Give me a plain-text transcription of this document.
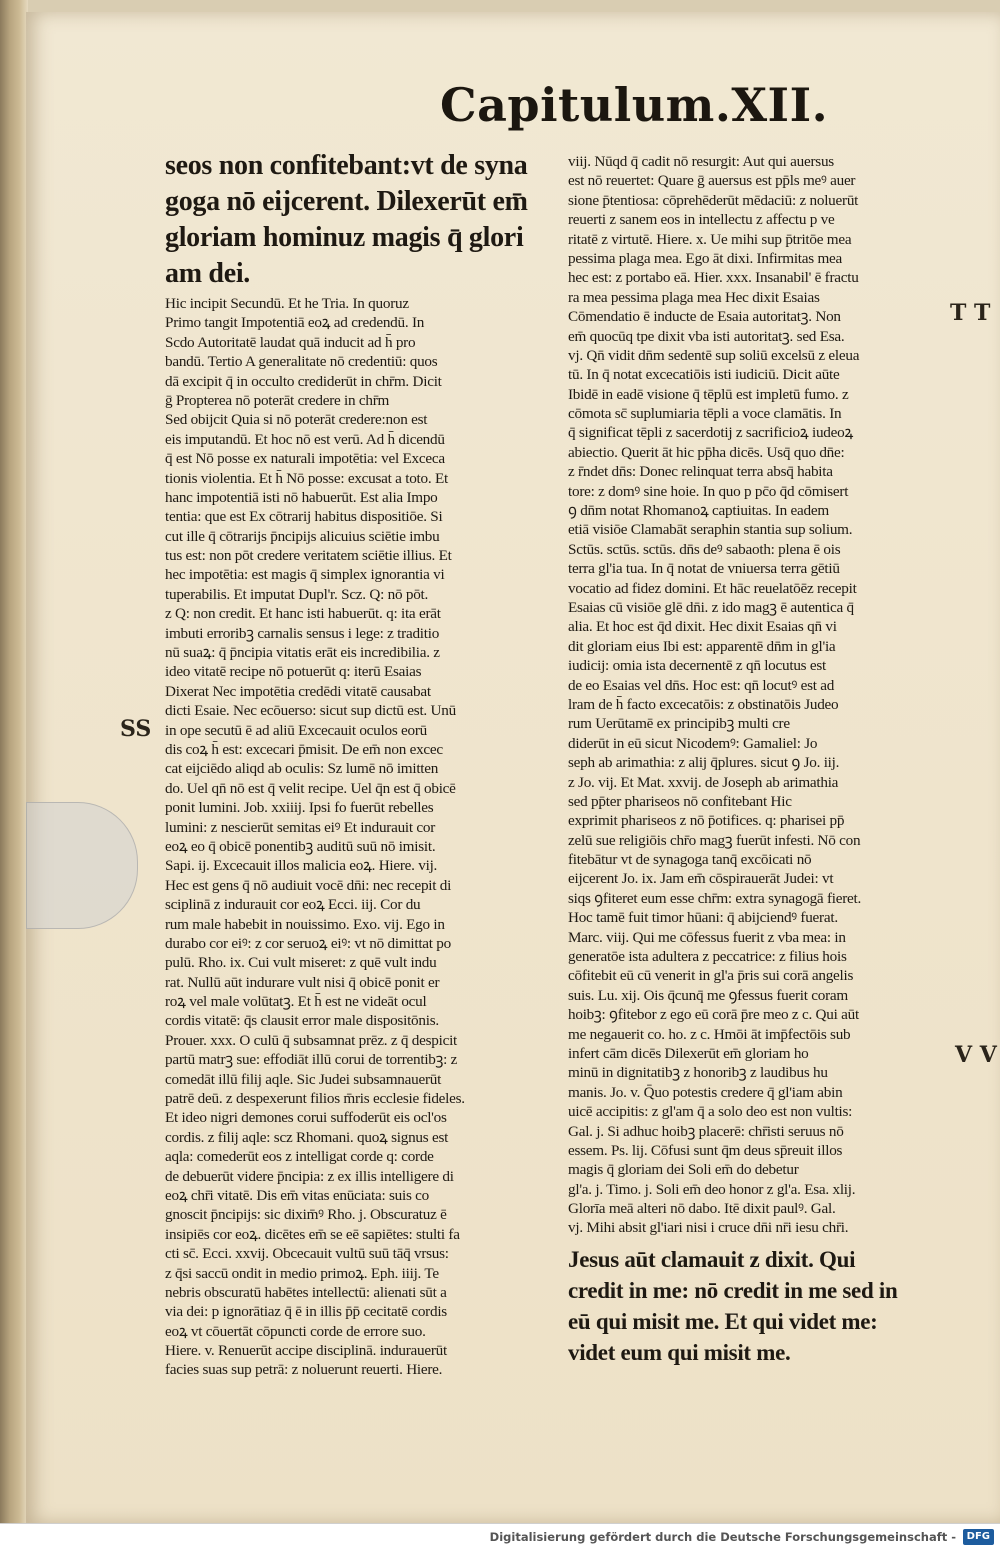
Capitulum.XII.
seos non confitebant:vt de syna
goga nō eijcerent. Dilexerūt em̄
gloriam hominuz magis q̄ glori
am dei.
Hic incipit Secundū. Et he Tria. In quoruz
Primo tangit Impotentiā eoꝝ ad credendū. In
Scdo Autoritatē laudat quā inducit ad h̄ pro
bandū. Tertio A generalitate nō credentiū: quos
dā excipit q̄ in occulto crediderūt in chr̄m. Dicit
ḡ Propterea nō poterāt credere in chr̄m
Sed obijcit Quia si nō poterāt credere:non est
eis imputandū. Et hoc nō est verū. Ad h̄ dicendū
q̄ est Nō posse ex naturali impotētia: vel Exceca
tionis violentia. Et h̄ Nō posse: excusat a toto. Et
hanc impotentiā isti nō habuerūt. Est alia Impo
tentia: que est Ex cōtrarij habitus dispositiōe. Si
cut ille q̄ cōtrarijs p̄ncipijs alicuius sciētie imbu
tus est: non pōt credere veritatem sciētie illius. Et
hec impotētia: est magis q̄ simplex ignorantia vi
tuperabilis. Et imputat Dupl'r. Scz. Q: nō pōt.
z Q: non credit. Et hanc isti habuerūt. q: ita erāt
imbuti erroribꝫ carnalis sensus i lege: z traditio
nū suaꝝ: q̄ p̄ncipia vitatis erāt eis incredibilia. z
ideo vitatē recipe nō potuerūt q: iterū Esaias
Dixerat Nec impotētia credēdi vitatē causabat
dicti Esaie. Nec ecōuerso: sicut sup dictū est. Unū
in ope secutū ē ad aliū Excecauit oculos eorū
dis coꝝ h̄ est: excecari p̄misit. De em̄ non excec
cat eijciēdo aliqd ab oculis: Sz lumē nō imitten
do. Uel qn̄ nō est q̄ velit recipe. Uel q̄n est q̄ obicē
ponit lumini. Job. xxiiij. Ipsi fo fuerūt rebelles
lumini: z nescierūt semitas eiꝰ Et indurauit cor
eoꝝ eo q̄ obicē ponentibꝫ auditū suū nō imisit.
Sapi. ij. Excecauit illos malicia eoꝝ. Hiere. vij.
Hec est gens q̄ nō audiuit vocē dn̄i: nec recepit di
sciplinā z indurauit cor eoꝝ Ecci. iij. Cor du
rum male habebit in nouissimo. Exo. vij. Ego in
durabo cor eiꝰ: z cor seruoꝝ eiꝰ: vt nō dimittat po
pulū. Rho. ix. Cui vult miseret: z quē vult indu
rat. Nullū aūt indurare vult nisi q̄ obicē ponit er
roꝝ vel male volūtatꝫ. Et h̄ est ne videāt ocul
cordis vitatē: q̄s clausit error male dispositōnis.
Prouer. xxx. O culū q̄ subsamnat prēz. z q̄ despicit
partū matrꝫ sue: effodiāt illū corui de torrentibꝫ: z
comedāt illū filij aqle. Sic Judei subsamnauerūt
patrē deū. z despexerunt filios m̄ris ecclesie fideles.
Et ideo nigri demones corui suffoderūt eis ocl'os
cordis. z filij aqle: scz Rhomani. quoꝝ signus est
aqla: comederūt eos z intelligat corde q: corde
de debuerūt videre p̄ncipia: z ex illis intelligere di
eoꝝ chr̄i vitatē. Dis em̄ vitas enūciata: suis co
gnoscit p̄ncipijs: sic dixim̄ꝰ Rho. j. Obscuratuz ē
insipiēs cor eoꝝ. dicētes em̄ se eē sapiētes: stulti fa
cti sc̄. Ecci. xxvij. Obcecauit vultū suū tāq̄ vrsus:
z q̄si saccū ondit in medio primoꝝ. Eph. iiij. Te
nebris obscuratū habētes intellectū: alienati sūt a
via dei: p ignorātiaz q̄ ē in illis p̄p̄ cecitatē cordis
eoꝝ vt cōuertāt cōpuncti corde de errore suo.
Hiere. v. Renuerūt accipe disciplinā. indurauerūt
facies suas sup petrā: z noluerunt reuerti. Hiere.
viij. Nūqd q̄ cadit nō resurgit: Aut qui auersus
est nō reuertet: Quare ḡ auersus est pp̄ls meꝰ auer
sione p̄tentiosa: cōprehēderūt mēdaciū: z noluerūt
reuerti z sanem eos in intellectu z affectu p ve
ritatē z virtutē. Hiere. x. Ue mihi sup p̄tritōe mea
pessima plaga mea. Ego āt dixi. Infirmitas mea
hec est: z portabo eā. Hier. xxx. Insanabil' ē fractu
ra mea pessima plaga mea Hec dixit Esaias
Cōmendatio ē inducte de Esaia autoritatꝫ. Non
em̄ quocūq tpe dixit vba isti autoritatꝫ. sed Esa.
vj. Qn̄ vidit dn̄m sedentē sup soliū excelsū z eleua
tū. In q̄ notat excecatiōis isti iudiciū. Dicit aūte
Ibidē in eadē visione q̄ tēplū est impletū fumo. z
cōmota sc̄ suplumiaria tēpli a voce clamātis. In
q̄ significat tēpli z sacerdotij z sacrificioꝝ iudeoꝝ
abiectio. Querit āt hic pp̄ha dicēs. Usq̄ quo dn̄e:
z r̄ndet dn̄s: Donec relinquat terra absq̄ habita
tore: z domꝰ sine hoie. In quo p pc̄o q̄d cōmisert
ꝯ dn̄m notat Rhomanoꝝ captiuitas. In eadem
etiā visiōe Clamabāt seraphin stantia sup solium.
Sctūs. sctūs. sctūs. dn̄s deꝰ sabaoth: plena ē ois
terra gl'ia tua. In q̄ notat de vniuersa terra gētiū
vocatio ad fidez domini. Et hāc reuelatōēz recepit
Esaias cū visiōe glē dn̄i. z ido magꝫ ē autentica q̄
alia. Et hoc est q̄d dixit. Hec dixit Esaias qn̄ vi
dit gloriam eius Ibi est: apparentē dn̄m in gl'ia
iudicij: omia ista decernentē z qn̄ locutus est
de eo Esaias vel dn̄s. Hoc est: qn̄ locutꝰ est ad
lram de h̄ facto excecatōis: z obstinatōis Judeo
rum Uerūtamē ex principibꝫ multi cre
diderūt in eū sicut Nicodemꝰ: Gamaliel: Jo
seph ab arimathia: z alij q̄plures. sicut ꝯ Jo. iij.
z Jo. vij. Et Mat. xxvij. de Joseph ab arimathia
sed pp̄ter phariseos nō confitebant Hic
exprimit phariseos z nō p̄otifices. q: pharisei pp̄
zelū sue religiōis chr̄o magꝫ fuerūt infesti. Nō con
fitebātur vt de synagoga tanq̄ excōicati nō
eijcerent Jo. ix. Jam em̄ cōspirauerāt Judei: vt
siqs ꝯfiteret eum esse chr̄m: extra synagogā fieret.
Hoc tamē fuit timor hūani: q̄ abijciendꝰ fuerat.
Marc. viij. Qui me cōfessus fuerit z vba mea: in
generatōe ista adultera z peccatrice: z filius hois
cōfitebit eū cū venerit in gl'a p̄ris sui corā angelis
suis. Lu. xij. Ois q̄cunq̄ me ꝯfessus fuerit coram
hoibꝫ: ꝯfitebor z ego eū corā p̄re meo z c. Qui aūt
me negauerit co. ho. z c. Hmōi āt imp̄fectōis sub
infert cām dicēs Dilexerūt em̄ gloriam ho
minū in dignitatibꝫ z honoribꝫ z laudibus hu
manis. Jo. v. Q̄uo potestis credere q̄ gl'iam abin
uicē accipitis: z gl'am q̄ a solo deo est non vultis:
Gal. j. Si adhuc hoibꝫ placerē: chr̄isti seruus nō
essem. Ps. lij. Cōfusi sunt q̄m deus sp̄reuit illos
magis q̄ gloriam dei Soli em̄ do debetur
gl'a. j. Timo. j. Soli em̄ deo honor z gl'a. Esa. xlij.
Glorīa meā alteri nō dabo. Itē dixit paulꝰ. Gal.
vj. Mihi absit gl'iari nisi i cruce dn̄i nr̄i iesu chr̄i.
Jesus aūt clamauit z dixit. Qui
credit in me: nō credit in me sed in
eū qui misit me. Et qui videt me:
videt eum qui misit me.
SS
T T
V V
Digitalisierung gefördert durch die Deutsche Forschungsgemeinschaft -	DFG
